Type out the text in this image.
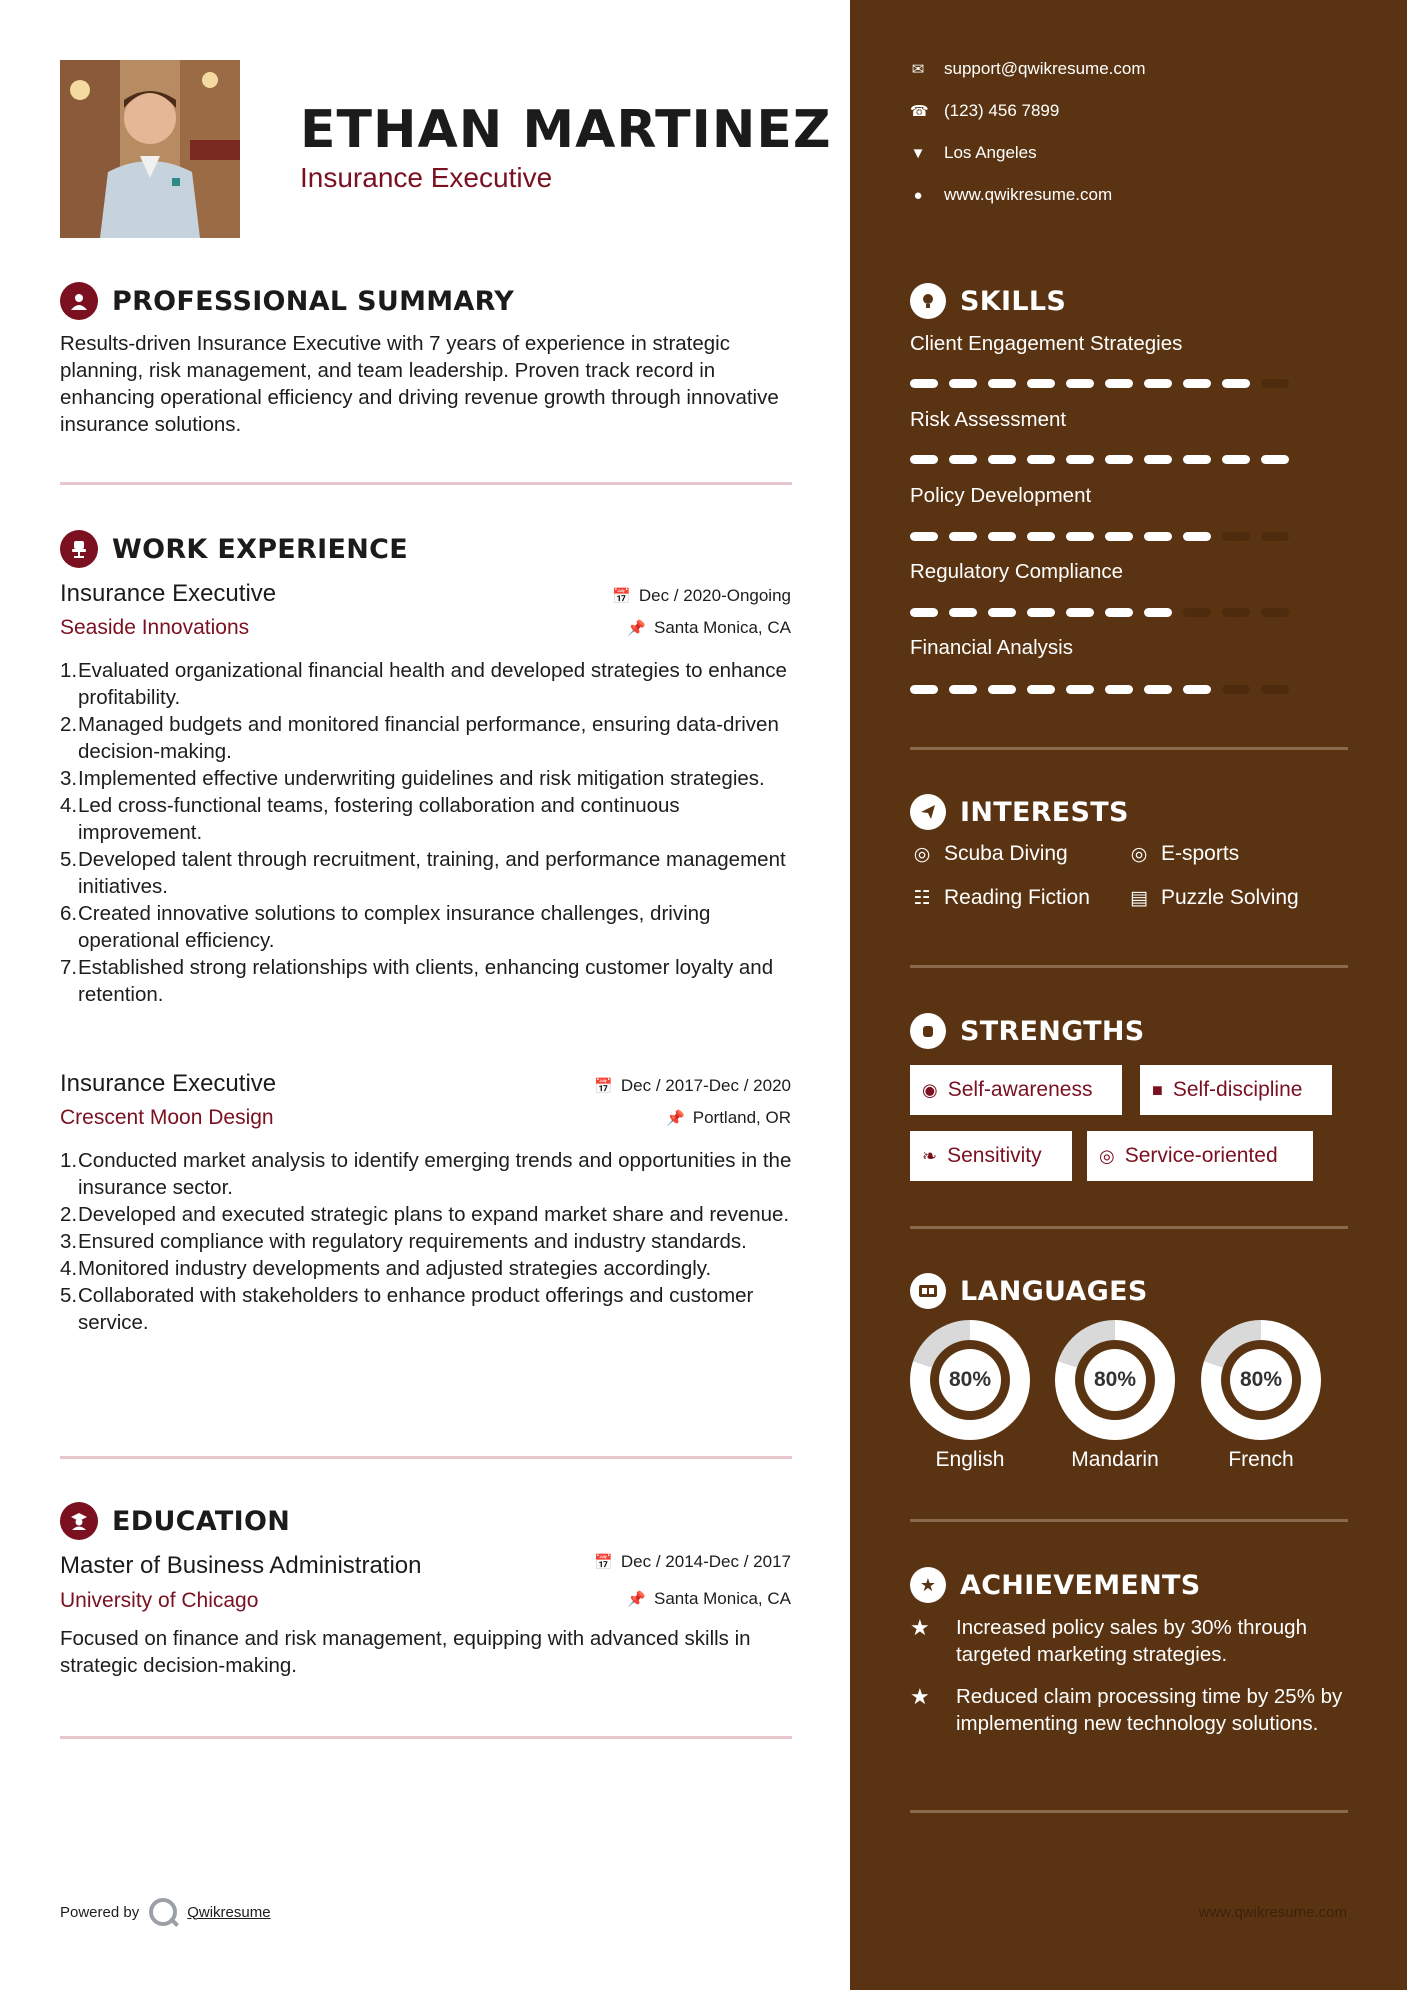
ETHAN MARTINEZ
Insurance Executive
PROFESSIONAL SUMMARY
Results-driven Insurance Executive with 7 years of experience in strategic planning, risk management, and team leadership. Proven track record in enhancing operational efficiency and driving revenue growth through innovative insurance solutions.
WORK EXPERIENCE
Insurance Executive
Seaside Innovations
📅 Dec / 2020-Ongoing
📌 Santa Monica, CA
1. Evaluated organizational financial health and developed strategies to enhance profitability.
2. Managed budgets and monitored financial performance, ensuring data-driven decision-making.
3. Implemented effective underwriting guidelines and risk mitigation strategies.
4. Led cross-functional teams, fostering collaboration and continuous improvement.
5. Developed talent through recruitment, training, and performance management initiatives.
6. Created innovative solutions to complex insurance challenges, driving operational efficiency.
7. Established strong relationships with clients, enhancing customer loyalty and retention.
Insurance Executive
Crescent Moon Design
📅 Dec / 2017-Dec / 2020
📌 Portland, OR
1. Conducted market analysis to identify emerging trends and opportunities in the insurance sector.
2. Developed and executed strategic plans to expand market share and revenue.
3. Ensured compliance with regulatory requirements and industry standards.
4. Monitored industry developments and adjusted strategies accordingly.
5. Collaborated with stakeholders to enhance product offerings and customer service.
EDUCATION
Master of Business Administration
University of Chicago
📅 Dec / 2014-Dec / 2017
📌 Santa Monica, CA
Focused on finance and risk management, equipping with advanced skills in strategic decision-making.
Powered by	Qwikresume
✉ support@qwikresume.com
☎ (123) 456 7899
▼ Los Angeles
● www.qwikresume.com
SKILLS
Client Engagement Strategies
Risk Assessment
Policy Development
Regulatory Compliance
Financial Analysis
INTERESTS
◎ Scuba Diving	◎ E-sports
☷ Reading Fiction ▤ Puzzle Solving
STRENGTHS
◉ Self-awareness	■ Self-discipline
❧ Sensitivity	◎ Service-oriented
LANGUAGES
80%
English
80%
Mandarin
80%
French
★ ACHIEVEMENTS
★	Increased policy sales by 30% through targeted marketing strategies.
★	Reduced claim processing time by 25% by implementing new technology solutions.
www.qwikresume.com
